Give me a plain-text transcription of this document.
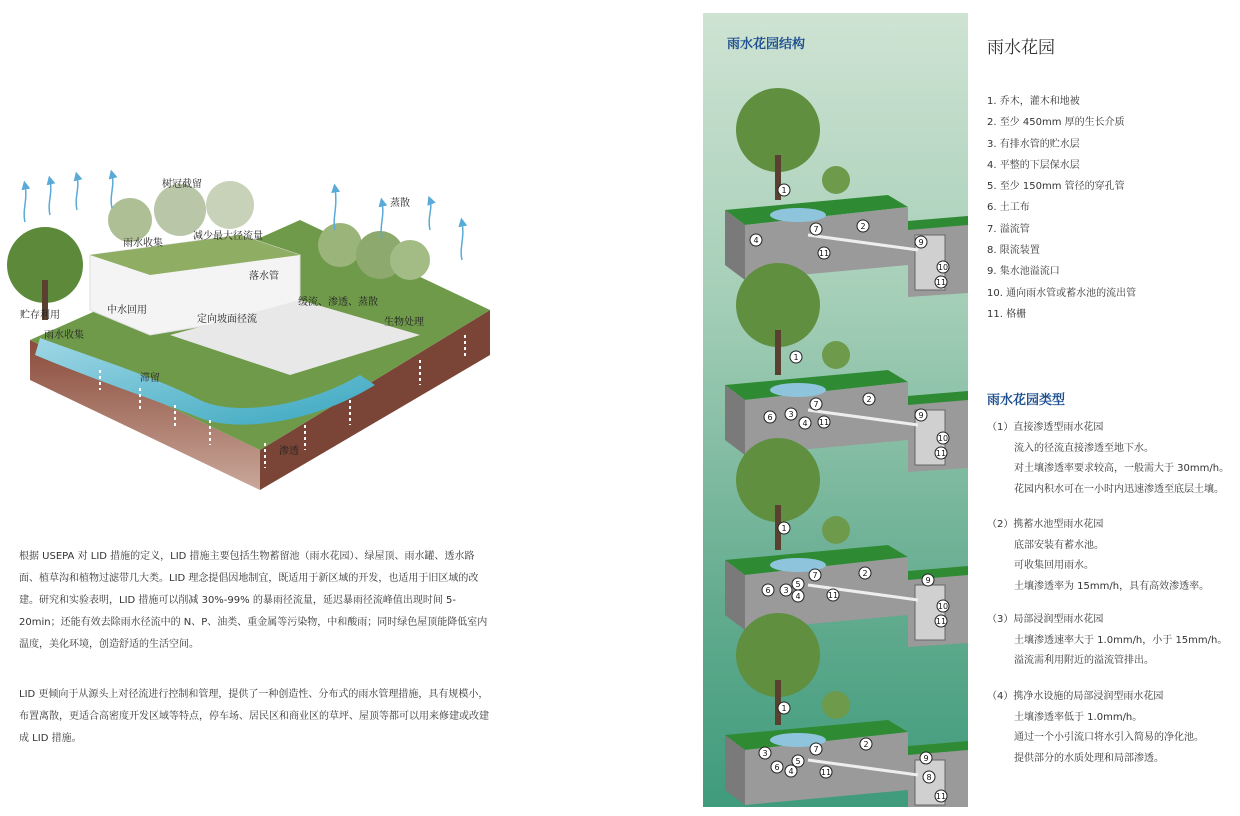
树冠截留
蒸散
雨水收集
减少最大径流量
落水管
中水回用
贮存利用
雨水收集
定向坡面径流
缓流、渗透、蒸散
生物处理
滞留
渗透

根据 USEPA 对 LID 措施的定义，LID 措施主要包括生物蓄留池（雨水花园）、绿屋顶、雨水罐、透水路面、植草沟和植物过滤带几大类。LID 理念提倡因地制宜，既适用于新区域的开发，也适用于旧区域的改建。研究和实验表明，LID 措施可以削减 30%-99% 的暴雨径流量，延迟暴雨径流峰值出现时间 5-20min；还能有效去除雨水径流中的 N、P、油类、重金属等污染物，中和酸雨；同时绿色屋顶能降低室内温度，美化环境，创造舒适的生活空间。

LID 更倾向于从源头上对径流进行控制和管理，提供了一种创造性、分布式的雨水管理措施，具有规模小，布置离散，更适合高密度开发区域等特点，停车场、居民区和商业区的草坪、屋顶等都可以用来修建或改建成 LID 措施。

雨水花园结构
1
2
4
7
9
10
11
11
1
2
3
4
6
7
9
10
11
11
1
2
3
4
5
6
7
9
10
11
11
1
2
3
4
5
6
7
9
8
11
11
雨水花园
1. 乔木，灌木和地被
2. 至少 450mm 厚的生长介质
3. 有排水管的贮水层
4. 平整的下层保水层
5. 至少 150mm 管径的穿孔管
6. 土工布
7. 溢流管
8. 限流装置
9. 集水池溢流口
10. 通向雨水管或蓄水池的流出管
11. 格栅
雨水花园类型
（1）直接渗透型雨水花园
流入的径流直接渗透至地下水。
对土壤渗透率要求较高，一般需大于 30mm/h。
花园内积水可在一小时内迅速渗透至底层土壤。
（2）携蓄水池型雨水花园
底部安装有蓄水池。
可收集回用雨水。
土壤渗透率为 15mm/h，具有高效渗透率。
（3）局部浸润型雨水花园
土壤渗透速率大于 1.0mm/h，小于 15mm/h。
溢流需利用附近的溢流管排出。
（4）携净水设施的局部浸润型雨水花园
土壤渗透率低于 1.0mm/h。
通过一个小引流口将水引入简易的净化池。
提供部分的水质处理和局部渗透。
